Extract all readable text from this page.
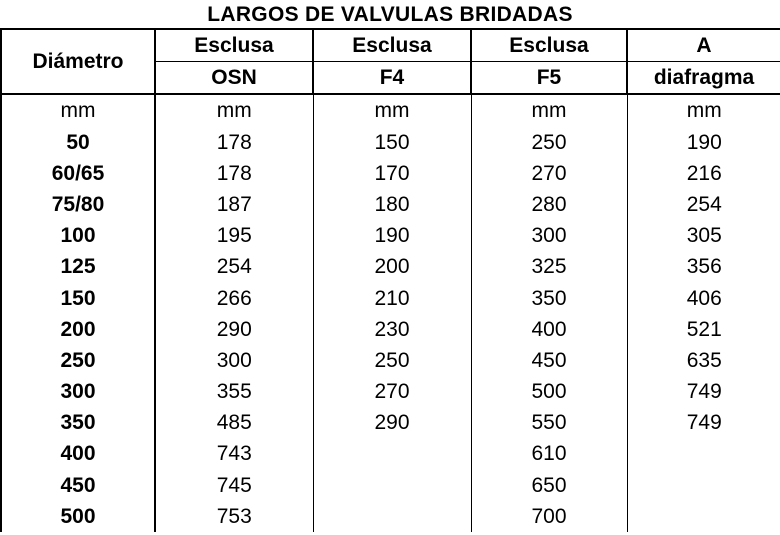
LARGOS DE VALVULAS BRIDADAS
Diámetro	Esclusa	Esclusa	Esclusa	A
	OSN	F4	F5	diafragma
mm	mm	mm	mm	mm
50	178	150	250	190
60/65	178	170	270	216
75/80	187	180	280	254
100	195	190	300	305
125	254	200	325	356
150	266	210	350	406
200	290	230	400	521
250	300	250	450	635
300	355	270	500	749
350	485	290	550	749
400	743		610	
450	745		650	
500	753		700	
